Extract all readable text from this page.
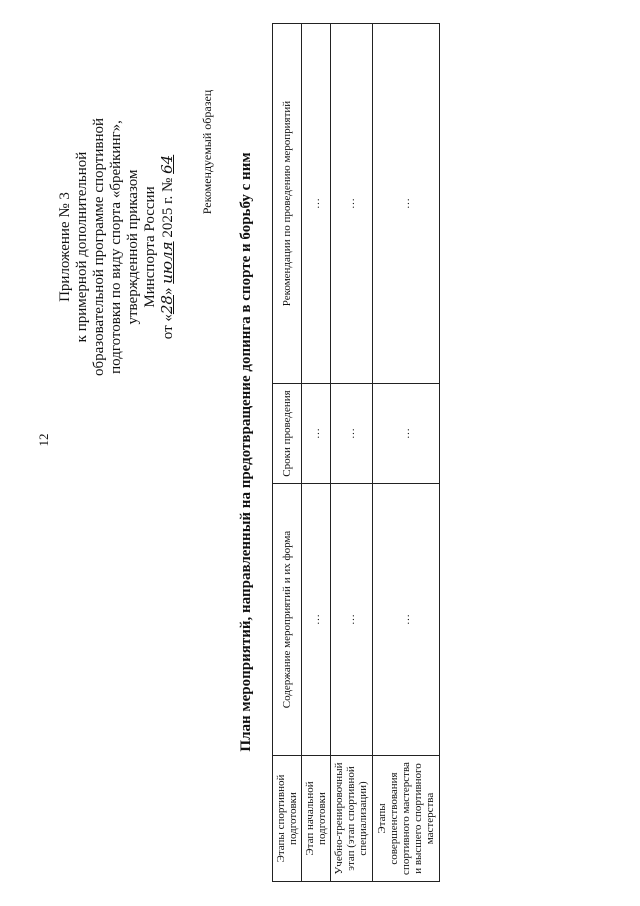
12
Приложение № 3 к примерной дополнительной образовательной программе спортивной подготовки по виду спорта «брейкинг», утвержденной приказом Минспорта России
от «28» июля 2025 г. № 64 Рекомендуемый образец
План мероприятий, направленный на предотвращение допинга в спорте и борьбу с ним
Этапы спортивной подготовки	Содержание мероприятий и их форма	Сроки проведения	Рекомендации по проведению мероприятий
Этап начальной подготовки	…	…	…
Учебно-тренировочный этап (этап спортивной специализации)	…	…	…
Этапы совершенствования спортивного мастерства и высшего спортивного мастерства	…	…	…
